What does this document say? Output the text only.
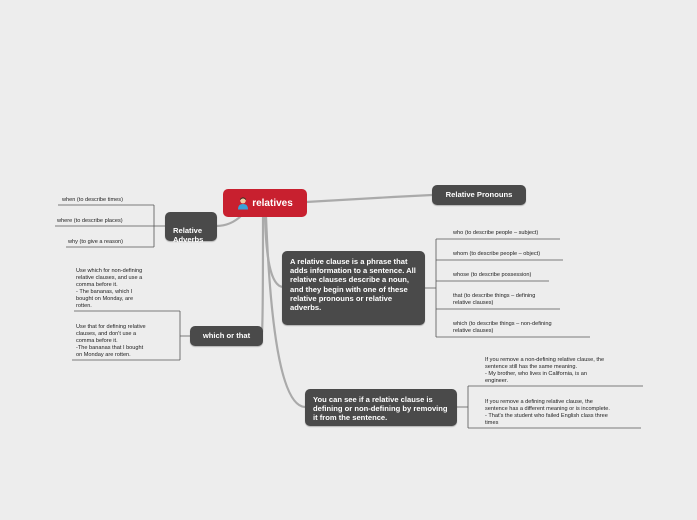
relatives
Relative Pronouns

Relative
Adverbs

A relative clause is a phrase that adds information to a sentence. All relative clauses describe a noun, and they begin with one of these relative pronouns or relative adverbs.
which or that
You can see if a relative clause is defining or non-defining by removing it from the sentence.
when (to describe times)
where (to describe places)
why (to give a reason)
who (to describe people – subject)
whom (to describe people – object)
whose (to describe possession)
that (to describe things – defining
relative clauses)
which (to describe things – non-defining
relative clauses)
Use which for non-defining
relative clauses, and use a
comma before it.
- The bananas, which I
bought on Monday, are
rotten.
Use that for defining relative
clauses, and don't use a
comma before it.
-The bananas that I bought
on Monday are rotten.
If you remove a non-defining relative clause, the
sentence still has the same meaning.
- My brother, who lives in California, is an
engineer.
If you remove a defining relative clause, the
sentence has a different meaning or is incomplete.
- That's the student who failed English class three
times
